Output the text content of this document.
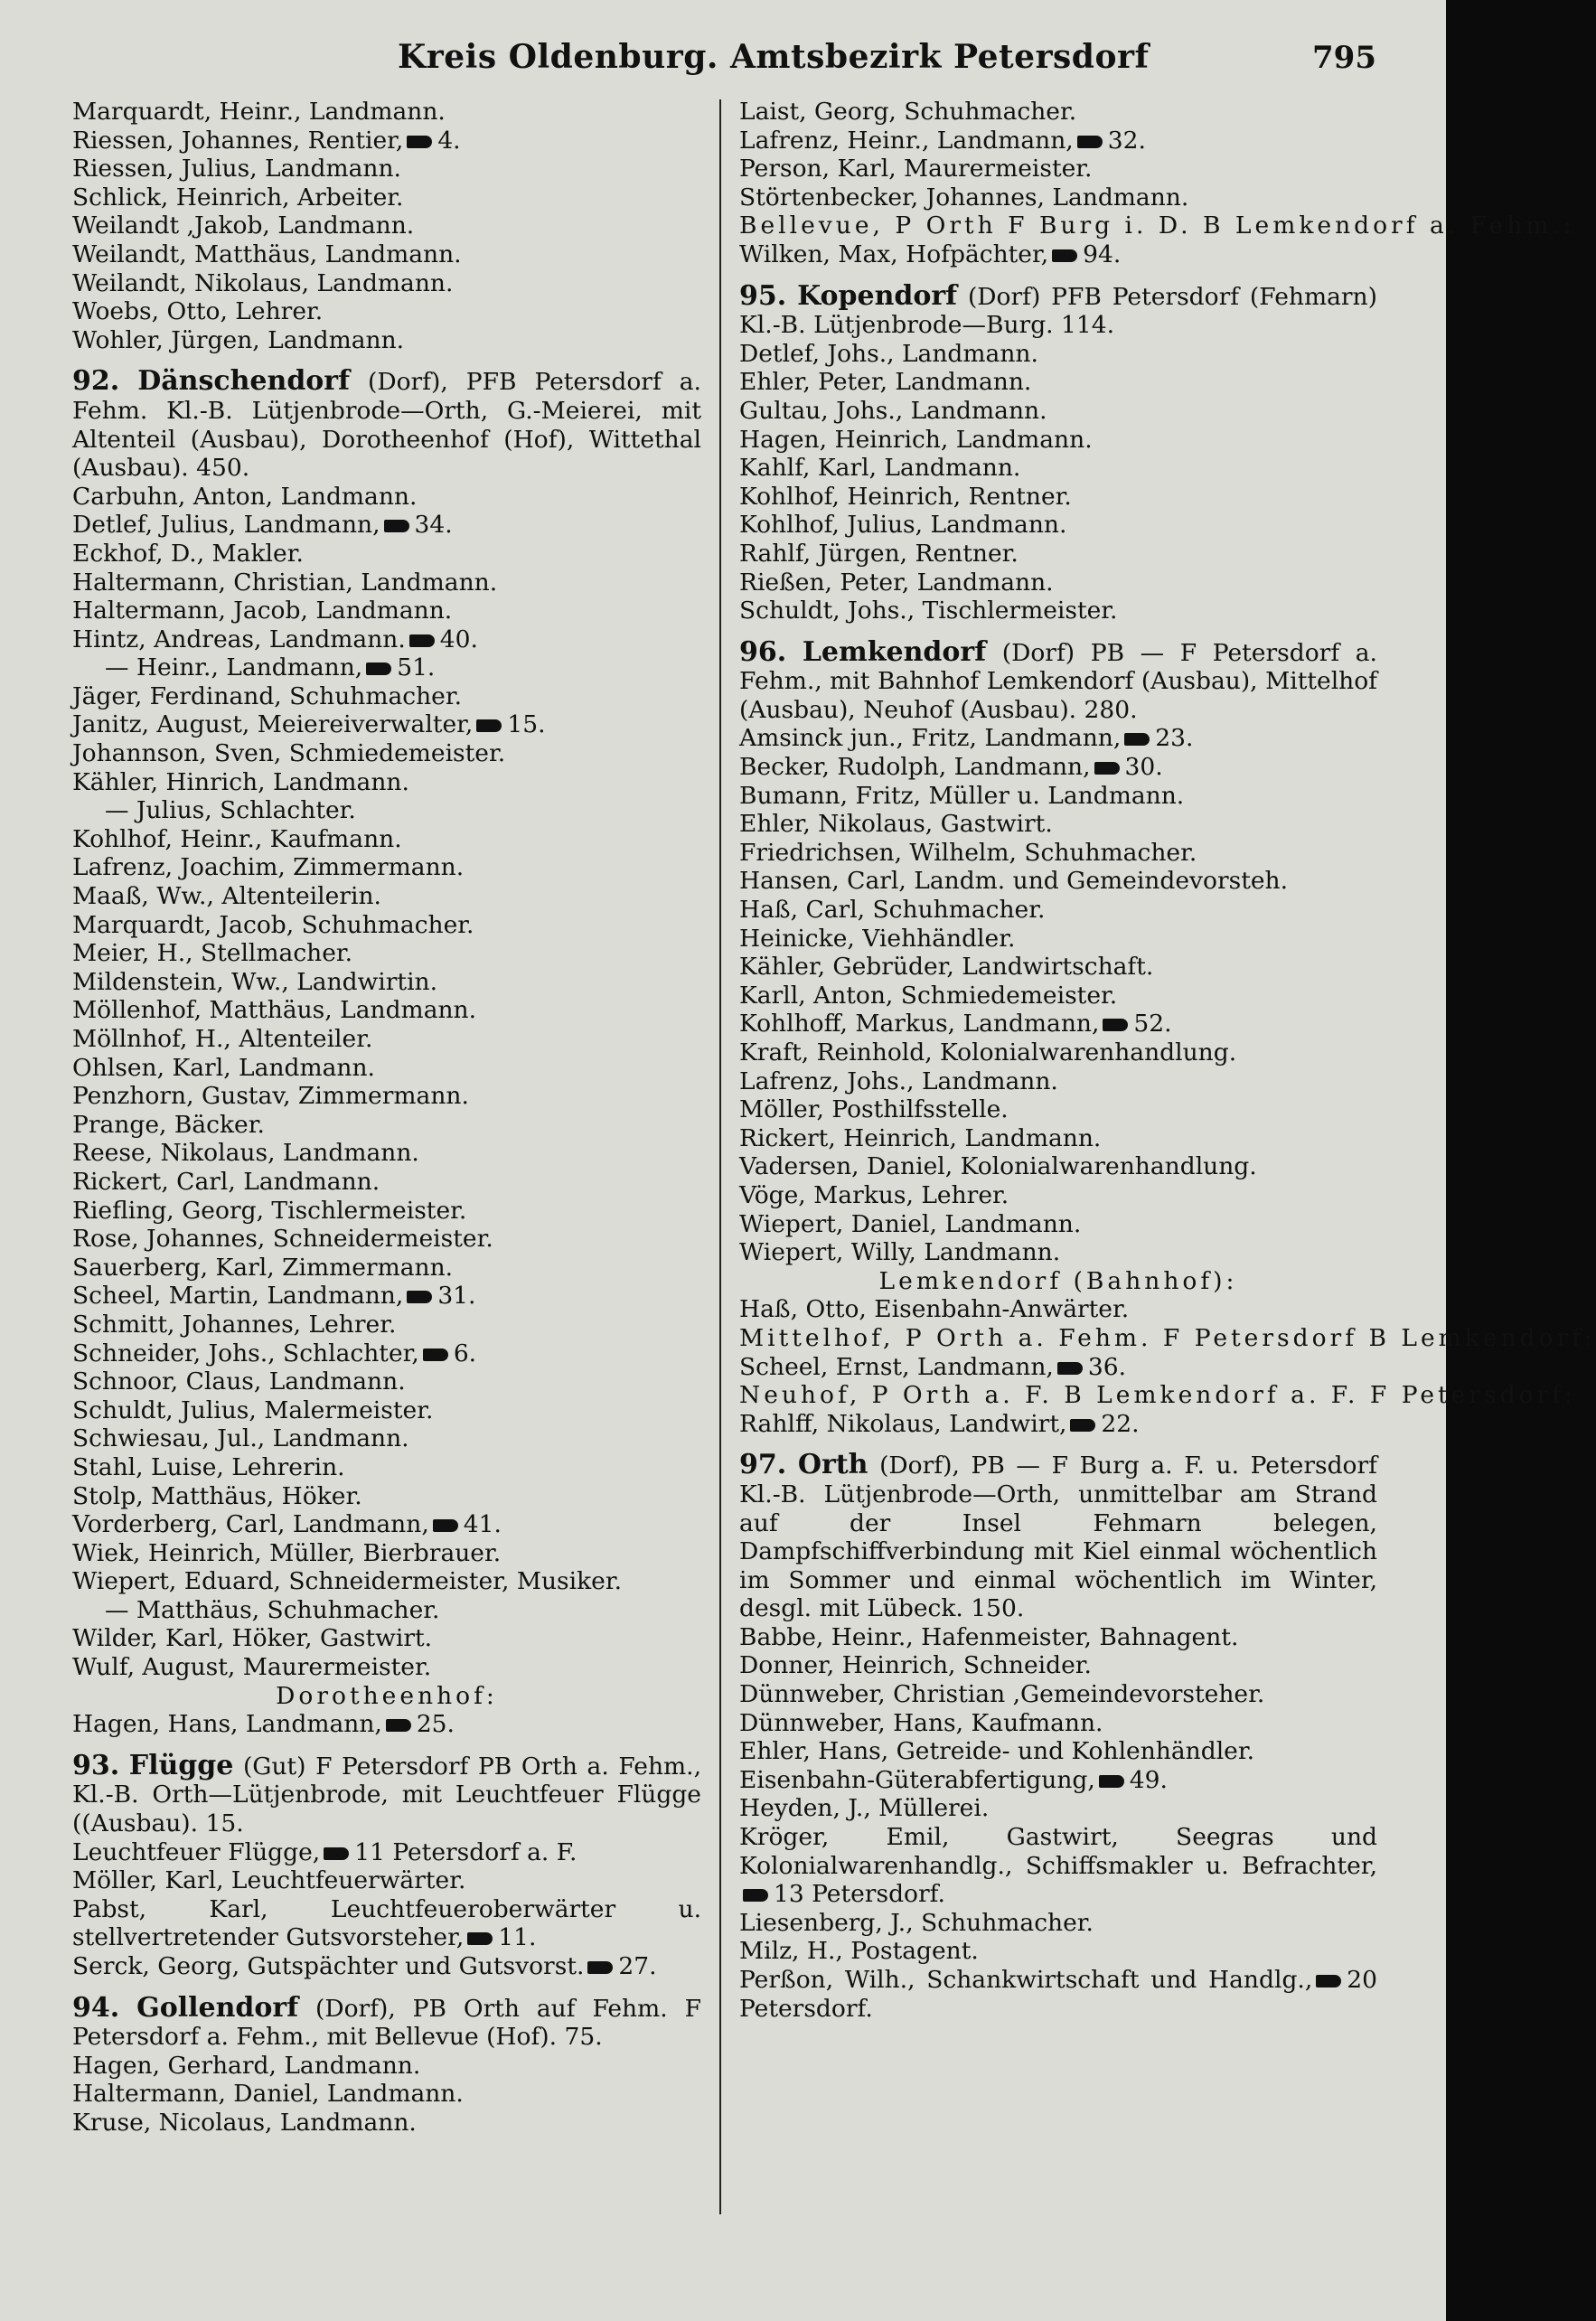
Kreis Oldenburg. Amtsbezirk Petersdorf	795
Marquardt, Heinr., Landmann.
Riessen, Johannes, Rentier, 4.
Riessen, Julius, Landmann.
Schlick, Heinrich, Arbeiter.
Weilandt ,Jakob, Landmann.
Weilandt, Matthäus, Landmann.
Weilandt, Nikolaus, Landmann.
Woebs, Otto, Lehrer.
Wohler, Jürgen, Landmann.
92. Dänschendorf (Dorf), PFB Petersdorf a. Fehm. Kl.-B. Lütjenbrode—Orth, G.-Meierei, mit Altenteil (Ausbau), Dorotheenhof (Hof), Wittethal (Ausbau). 450.
Carbuhn, Anton, Landmann.
Detlef, Julius, Landmann, 34.
Eckhof, D., Makler.
Haltermann, Christian, Landmann.
Haltermann, Jacob, Landmann.
Hintz, Andreas, Landmann. 40.
— Heinr., Landmann, 51.
Jäger, Ferdinand, Schuhmacher.
Janitz, August, Meiereiverwalter, 15.
Johannson, Sven, Schmiedemeister.
Kähler, Hinrich, Landmann.
— Julius, Schlachter.
Kohlhof, Heinr., Kaufmann.
Lafrenz, Joachim, Zimmermann.
Maaß, Ww., Altenteilerin.
Marquardt, Jacob, Schuhmacher.
Meier, H., Stellmacher.
Mildenstein, Ww., Landwirtin.
Möllenhof, Matthäus, Landmann.
Möllnhof, H., Altenteiler.
Ohlsen, Karl, Landmann.
Penzhorn, Gustav, Zimmermann.
Prange, Bäcker.
Reese, Nikolaus, Landmann.
Rickert, Carl, Landmann.
Riefling, Georg, Tischlermeister.
Rose, Johannes, Schneidermeister.
Sauerberg, Karl, Zimmermann.
Scheel, Martin, Landmann, 31.
Schmitt, Johannes, Lehrer.
Schneider, Johs., Schlachter, 6.
Schnoor, Claus, Landmann.
Schuldt, Julius, Malermeister.
Schwiesau, Jul., Landmann.
Stahl, Luise, Lehrerin.
Stolp, Matthäus, Höker.
Vorderberg, Carl, Landmann, 41.
Wiek, Heinrich, Müller, Bierbrauer.
Wiepert, Eduard, Schneidermeister, Musiker.
— Matthäus, Schuhmacher.
Wilder, Karl, Höker, Gastwirt.
Wulf, August, Maurermeister.
Dorotheenhof:
Hagen, Hans, Landmann, 25.
93. Flügge (Gut) F Petersdorf PB Orth a. Fehm., Kl.-B. Orth—Lütjenbrode, mit Leuchtfeuer Flügge ((Ausbau). 15.
Leuchtfeuer Flügge, 11 Petersdorf a. F.
Möller, Karl, Leuchtfeuerwärter.
Pabst, Karl, Leuchtfeueroberwärter u. stellvertretender Gutsvorsteher, 11.
Serck, Georg, Gutspächter und Gutsvorst. 27.
94. Gollendorf (Dorf), PB Orth auf Fehm. F Petersdorf a. Fehm., mit Bellevue (Hof). 75.
Hagen, Gerhard, Landmann.
Haltermann, Daniel, Landmann.
Kruse, Nicolaus, Landmann.
Laist, Georg, Schuhmacher.
Lafrenz, Heinr., Landmann, 32.
Person, Karl, Maurermeister.
Störtenbecker, Johannes, Landmann.
Bellevue, P Orth F Burg i. D. B Lemkendorf a. Fehm.:
Wilken, Max, Hofpächter, 94.
95. Kopendorf (Dorf) PFB Petersdorf (Fehmarn) Kl.-B. Lütjenbrode—Burg. 114.
Detlef, Johs., Landmann.
Ehler, Peter, Landmann.
Gultau, Johs., Landmann.
Hagen, Heinrich, Landmann.
Kahlf, Karl, Landmann.
Kohlhof, Heinrich, Rentner.
Kohlhof, Julius, Landmann.
Rahlf, Jürgen, Rentner.
Rießen, Peter, Landmann.
Schuldt, Johs., Tischlermeister.
96. Lemkendorf (Dorf) PB — F Petersdorf a. Fehm., mit Bahnhof Lemkendorf (Ausbau), Mittelhof (Ausbau), Neuhof (Ausbau). 280.
Amsinck jun., Fritz, Landmann, 23.
Becker, Rudolph, Landmann, 30.
Bumann, Fritz, Müller u. Landmann.
Ehler, Nikolaus, Gastwirt.
Friedrichsen, Wilhelm, Schuhmacher.
Hansen, Carl, Landm. und Gemeindevorsteh.
Haß, Carl, Schuhmacher.
Heinicke, Viehhändler.
Kähler, Gebrüder, Landwirtschaft.
Karll, Anton, Schmiedemeister.
Kohlhoff, Markus, Landmann, 52.
Kraft, Reinhold, Kolonialwarenhandlung.
Lafrenz, Johs., Landmann.
Möller, Posthilfsstelle.
Rickert, Heinrich, Landmann.
Vadersen, Daniel, Kolonialwarenhandlung.
Vöge, Markus, Lehrer.
Wiepert, Daniel, Landmann.
Wiepert, Willy, Landmann.
Lemkendorf (Bahnhof):
Haß, Otto, Eisenbahn-Anwärter.
Mittelhof, P Orth a. Fehm. F Petersdorf B Lemkendorf:
Scheel, Ernst, Landmann, 36.
Neuhof, P Orth a. F. B Lemkendorf a. F. F Petersdorf:
Rahlff, Nikolaus, Landwirt, 22.
97. Orth (Dorf), PB — F Burg a. F. u. Petersdorf Kl.-B. Lütjenbrode—Orth, unmittelbar am Strand auf der Insel Fehmarn belegen, Dampfschiffverbindung mit Kiel einmal wöchentlich im Sommer und einmal wöchentlich im Winter, desgl. mit Lübeck. 150.
Babbe, Heinr., Hafenmeister, Bahnagent.
Donner, Heinrich, Schneider.
Dünnweber, Christian ,Gemeindevorsteher.
Dünnweber, Hans, Kaufmann.
Ehler, Hans, Getreide- und Kohlenhändler.
Eisenbahn-Güterabfertigung, 49.
Heyden, J., Müllerei.
Kröger, Emil, Gastwirt, Seegras und Kolonialwarenhandlg., Schiffsmakler u. Befrachter,13 Petersdorf.
Liesenberg, J., Schuhmacher.
Milz, H., Postagent.
Perßon, Wilh., Schankwirtschaft und Handlg., 20 Petersdorf.
